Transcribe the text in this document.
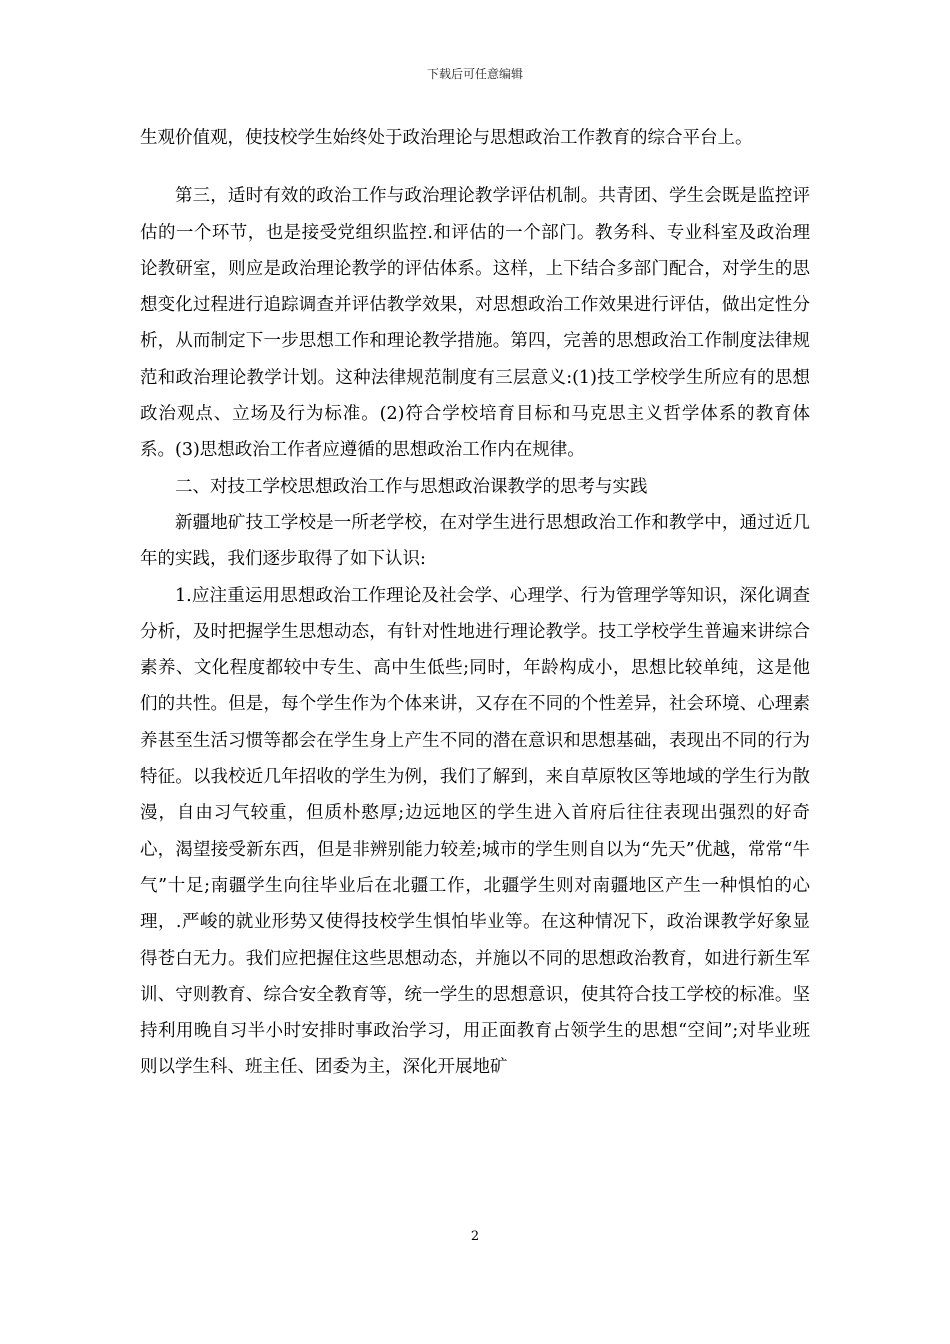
下载后可任意编辑

生观价值观，使技校学生始终处于政治理论与思想政治工作教育的综合平台上。

第三，适时有效的政治工作与政治理论教学评估机制。共青团、学生会既是监控评估的一个环节，也是接受党组织监控.和评估的一个部门。教务科、专业科室及政治理论教研室，则应是政治理论教学的评估体系。这样，上下结合多部门配合，对学生的思想变化过程进行追踪调查并评估教学效果，对思想政治工作效果进行评估，做出定性分析，从而制定下一步思想工作和理论教学措施。第四，完善的思想政治工作制度法律规范和政治理论教学计划。这种法律规范制度有三层意义:(1)技工学校学生所应有的思想政治观点、立场及行为标准。(2)符合学校培育目标和马克思主义哲学体系的教育体系。(3)思想政治工作者应遵循的思想政治工作内在规律。

二、对技工学校思想政治工作与思想政治课教学的思考与实践

新疆地矿技工学校是一所老学校，在对学生进行思想政治工作和教学中，通过近几年的实践，我们逐步取得了如下认识:

1.应注重运用思想政治工作理论及社会学、心理学、行为管理学等知识，深化调查分析，及时把握学生思想动态，有针对性地进行理论教学。技工学校学生普遍来讲综合素养、文化程度都较中专生、高中生低些;同时，年龄构成小，思想比较单纯，这是他们的共性。但是，每个学生作为个体来讲，又存在不同的个性差异，社会环境、心理素养甚至生活习惯等都会在学生身上产生不同的潜在意识和思想基础，表现出不同的行为特征。以我校近几年招收的学生为例，我们了解到，来自草原牧区等地域的学生行为散漫，自由习气较重，但质朴憨厚;边远地区的学生进入首府后往往表现出强烈的好奇心，渴望接受新东西，但是非辨别能力较差;城市的学生则自以为“先天”优越，常常“牛气”十足;南疆学生向往毕业后在北疆工作，北疆学生则对南疆地区产生一种惧怕的心理，.严峻的就业形势又使得技校学生惧怕毕业等。在这种情况下，政治课教学好象显得苍白无力。我们应把握住这些思想动态，并施以不同的思想政治教育，如进行新生军训、守则教育、综合安全教育等，统一学生的思想意识，使其符合技工学校的标准。坚持利用晚自习半小时安排时事政治学习，用正面教育占领学生的思想“空间”;对毕业班则以学生科、班主任、团委为主，深化开展地矿

2
